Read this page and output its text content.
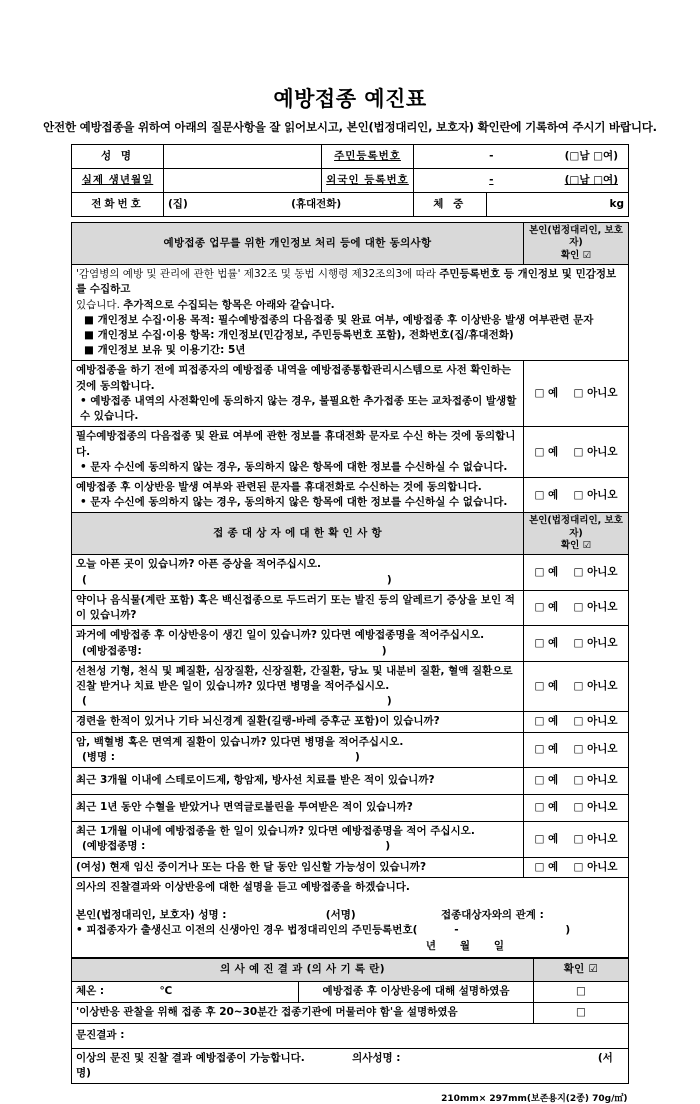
예방접종 예진표
안전한 예방접종을 위하여 아래의 질문사항을 잘 읽어보시고, 본인(법정대리인, 보호자) 확인란에 기록하여 주시기 바랍니다.
성 명		주민등록번호	-	(□남 □여)

실제 생년월일		외국인 등록번호	-	(□남 □여)

전화번호	(집)	(휴대전화)		체 중	kg
예방접종 업무를 위한 개인정보 처리 등에 대한 동의사항	본인(법정대리인, 보호자)
확인 ☑
'감염병의 예방 및 관리에 관한 법률' 제32조 및 동법 시행령 제32조의3에 따라 주민등록번호 등 개인정보 및 민감정보를 수집하고
있습니다. 추가적으로 수집되는 항목은 아래와 같습니다.
■ 개인정보 수집·이용 목적: 필수예방접종의 다음접종 및 완료 여부, 예방접종 후 이상반응 발생 여부관련 문자
■ 개인정보 수집·이용 항목: 개인정보(민감정보, 주민등록번호 포함), 전화번호(집/휴대전화)
■ 개인정보 보유 및 이용기간: 5년	

예방접종을 하기 전에 피접종자의 예방접종 내역을 예방접종통합관리시스템으로 사전 확인하는
것에 동의합니다.
• 예방접종 내역의 사전확인에 동의하지 않는 경우, 불필요한 추가접종 또는 교차접종이 발생할
수 있습니다.	□ 예 □ 아니오
필수예방접종의 다음접종 및 완료 여부에 관한 정보를 휴대전화 문자로 수신 하는 것에 동의합니다.
• 문자 수신에 동의하지 않는 경우, 동의하지 않은 항목에 대한 정보를 수신하실 수 없습니다.	□ 예 □ 아니오
예방접종 후 이상반응 발생 여부와 관련된 문자를 휴대전화로 수신하는 것에 동의합니다.
• 문자 수신에 동의하지 않는 경우, 동의하지 않은 항목에 대한 정보를 수신하실 수 없습니다.	□ 예 □ 아니오
접 종 대 상 자 에 대 한 확 인 사 항	본인(법정대리인, 보호자)
확인 ☑
오늘 아픈 곳이 있습니까? 아픈 증상을 적어주십시오.
( )	□ 예 □ 아니오
약이나 음식물(계란 포함) 혹은 백신접종으로 두드러기 또는 발진 등의 알레르기 증상을 보인 적
이 있습니까?	□ 예 □ 아니오
과거에 예방접종 후 이상반응이 생긴 일이 있습니까? 있다면 예방접종명을 적어주십시오.
(예방접종명: )	□ 예 □ 아니오
선천성 기형, 천식 및 폐질환, 심장질환, 신장질환, 간질환, 당뇨 및 내분비 질환, 혈액 질환으로
진찰 받거나 치료 받은 일이 있습니까? 있다면 병명을 적어주십시오.
( )	□ 예 □ 아니오
경련을 한적이 있거나 기타 뇌신경계 질환(길랭-바레 증후군 포함)이 있습니까?	□ 예 □ 아니오
암, 백혈병 혹은 면역계 질환이 있습니까? 있다면 병명을 적어주십시오.
(병명 : )	□ 예 □ 아니오
최근 3개월 이내에 스테로이드제, 항암제, 방사선 치료를 받은 적이 있습니까?	□ 예 □ 아니오
최근 1년 동안 수혈을 받았거나 면역글로불린을 투여받은 적이 있습니까?	□ 예 □ 아니오
최근 1개월 이내에 예방접종을 한 일이 있습니까? 있다면 예방접종명을 적어 주십시오.
(예방접종명 : )	□ 예 □ 아니오
(여성) 현재 임신 중이거나 또는 다음 한 달 동안 임신할 가능성이 있습니까?	□ 예 □ 아니오

의사의 진찰결과와 이상반응에 대한 설명을 듣고 예방접종을 하겠습니다.
본인(법정대리인, 보호자) 성명 : (서명) 접종대상자와의 관계 :
• 피접종자가 출생신고 이전의 신생아인 경우 법정대리인의 주민등록번호( - )
년 월 일	
의 사 예 진 결 과 (의 사 기 록 란)		확인 ☑
체온 : ℃	예방접종 후 이상반응에 대해 설명하였음	□
'이상반응 관찰을 위해 접종 후 20~30분간 접종기관에 머물러야 함'을 설명하였음		□
문진결과 :		
이상의 문진 및 진찰 결과 예방접종이 가능합니다. 의사성명 : (서명)		
210mm× 297mm(보존용지(2종) 70g/㎡)
